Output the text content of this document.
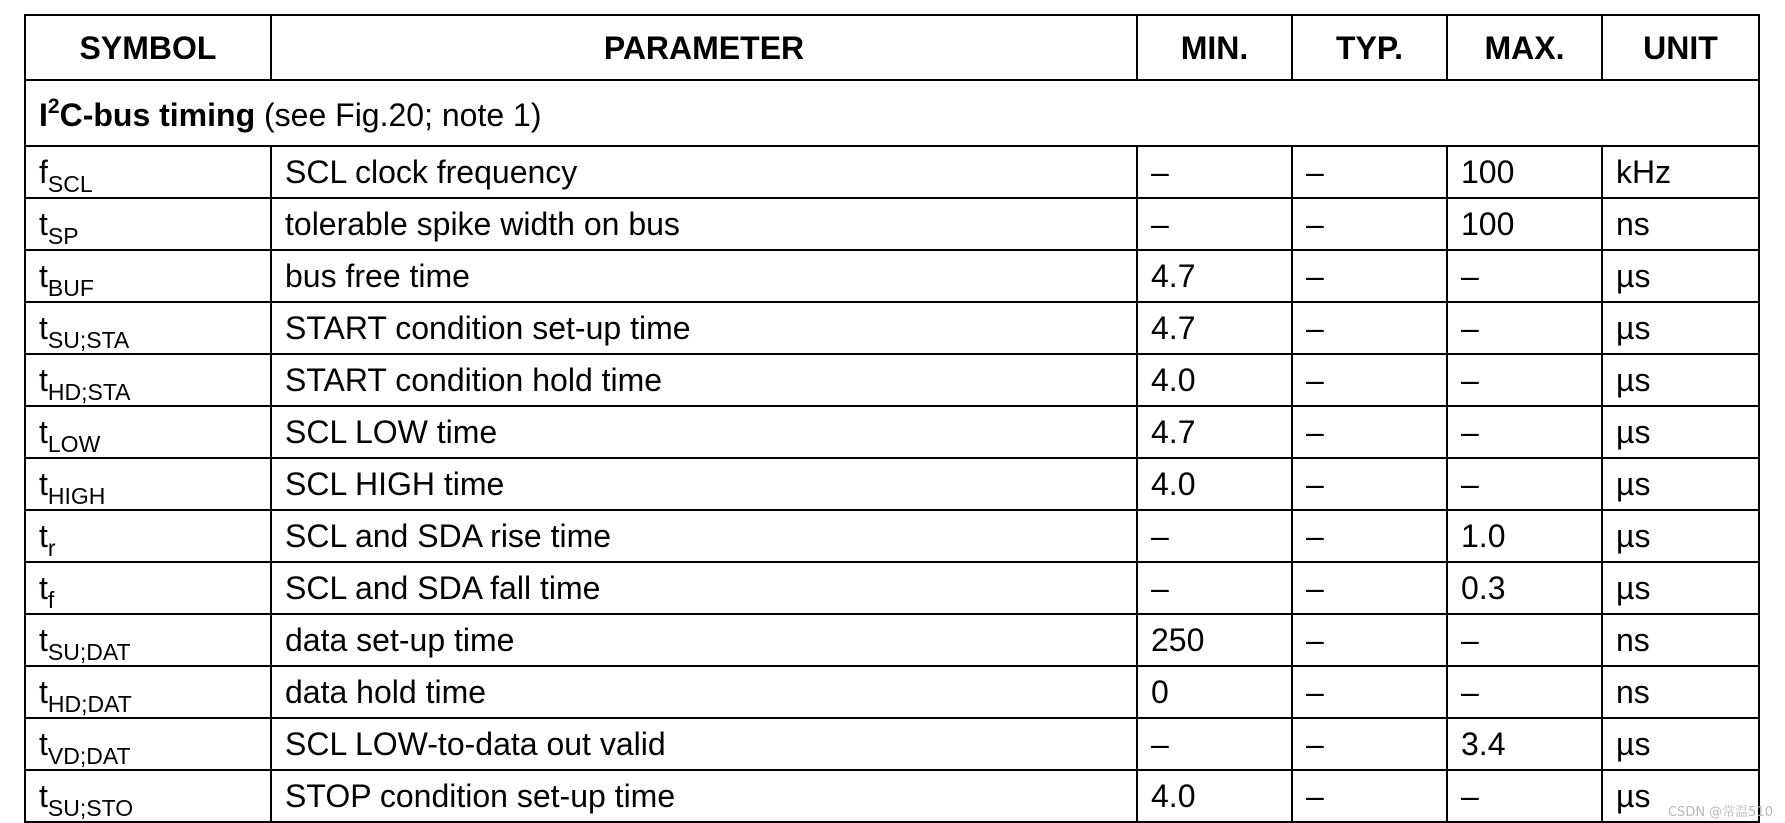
SYMBOL	PARAMETER	MIN.	TYP.	MAX.	UNIT
$I^2C$-bus timing (see Fig.20; note 1)					
$f_{SCL}$	SCL clock frequency	–	–	100	kHz
$t_{SP}$	tolerable spike width on bus	–	–	100	ns
$t_{BUF}$	bus free time	4.7	–	–	µs
$t_{SU;STA}$	START condition set-up time	4.7	–	–	µs
$t_{HD;STA}$	START condition hold time	4.0	–	–	µs
$t_{LOW}$	SCL LOW time	4.7	–	–	µs
$t_{HIGH}$	SCL HIGH time	4.0	–	–	µs
$t_r$	SCL and SDA rise time	–	–	1.0	µs
$t_f$	SCL and SDA fall time	–	–	0.3	µs
$t_{SU;DAT}$	data set-up time	250	–	–	ns
$t_{HD;DAT}$	data hold time	0	–	–	ns
$t_{VD;DAT}$	SCL LOW-to-data out valid	–	–	3.4	µs
$t_{SU;STO}$	STOP condition set-up time	4.0	–	–	µs CSDN @常温510
